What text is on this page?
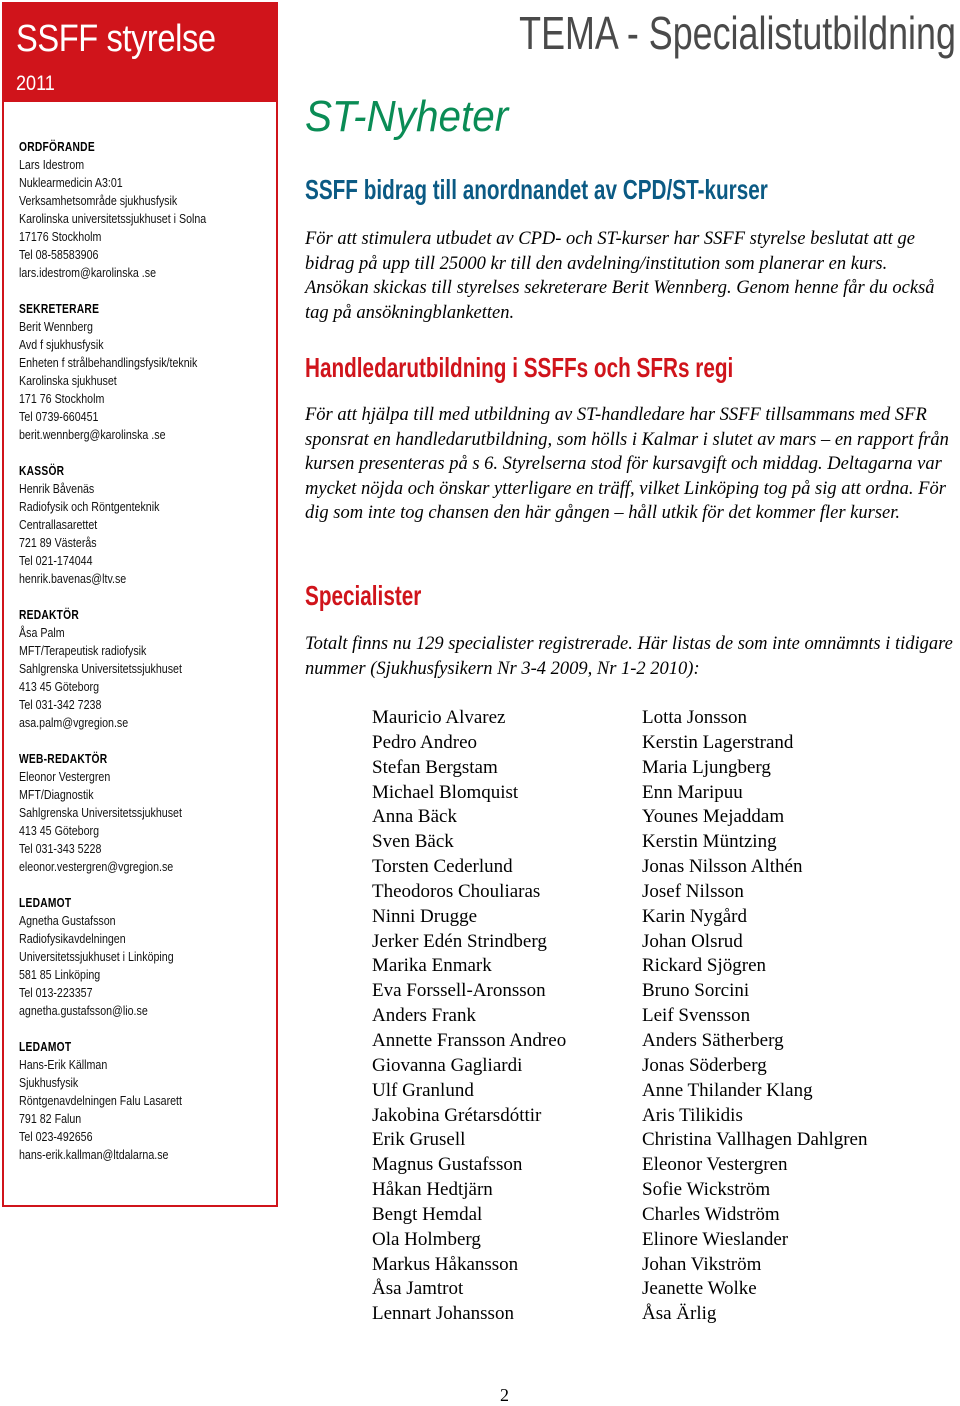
SSFF styrelse
2011
ORDFÖRANDE
Lars Idestrom
Nuklearmedicin A3:01
Verksamhetsområde sjukhusfysik
Karolinska universitetssjukhuset i Solna
17176 Stockholm
Tel 08-58583906
lars.idestrom@karolinska .se
SEKRETERARE
Berit Wennberg
Avd f sjukhusfysik
Enheten f strålbehandlingsfysik/teknik
Karolinska sjukhuset
171 76 Stockholm
Tel 0739-660451
berit.wennberg@karolinska .se
KASSÖR
Henrik Båvenäs
Radiofysik och Röntgenteknik
Centrallasarettet
721 89 Västerås
Tel 021-174044
henrik.bavenas@ltv.se
REDAKTÖR
Åsa Palm
MFT/Terapeutisk radiofysik
Sahlgrenska Universitetssjukhuset
413 45 Göteborg
Tel 031-342 7238
asa.palm@vgregion.se
WEB-REDAKTÖR
Eleonor Vestergren
MFT/Diagnostik
Sahlgrenska Universitetssjukhuset
413 45 Göteborg
Tel 031-343 5228
eleonor.vestergren@vgregion.se
LEDAMOT
Agnetha Gustafsson
Radiofysikavdelningen
Universitetssjukhuset i Linköping
581 85 Linköping
Tel 013-223357
agnetha.gustafsson@lio.se
LEDAMOT
Hans-Erik Källman
Sjukhusfysik
Röntgenavdelningen Falu Lasarett
791 82 Falun
Tel 023-492656
hans-erik.kallman@ltdalarna.se
TEMA - Specialistutbildning
ST-Nyheter
SSFF bidrag till anordnandet av CPD/ST-kurser
För att stimulera utbudet av CPD- och ST-kurser har SSFF styrelse beslutat att ge bidrag på upp till 25000 kr till den avdelning/institution som planerar en kurs. Ansökan skickas till styrelses sekreterare Berit Wennberg. Genom henne får du också tag på ansökningblanketten.
Handledarutbildning i SSFFs och SFRs regi
För att hjälpa till med utbildning av ST-handledare har SSFF tillsammans med SFR sponsrat en handledarutbildning, som hölls i Kalmar i slutet av mars – en rapport från kursen presenteras på s 6. Styrelserna stod för kursavgift och middag. Deltagarna var mycket nöjda och önskar ytterligare en träff, vilket Linköping tog på sig att ordna. För dig som inte tog chansen den här gången – håll utkik för det kommer fler kurser.
Specialister
Totalt finns nu 129 specialister registrerade. Här listas de som inte omnämnts i tidigare nummer (Sjukhusfysikern Nr 3-4 2009, Nr 1-2 2010):
Mauricio Alvarez
Pedro Andreo
Stefan Bergstam
Michael Blomquist
Anna Bäck
Sven Bäck
Torsten Cederlund
Theodoros Chouliaras
Ninni Drugge
Jerker Edén Strindberg
Marika Enmark
Eva Forssell-Aronsson
Anders Frank
Annette Fransson Andreo
Giovanna Gagliardi
Ulf Granlund
Jakobina Grétarsdóttir
Erik Grusell
Magnus Gustafsson
Håkan Hedtjärn
Bengt Hemdal
Ola Holmberg
Markus Håkansson
Åsa Jamtrot
Lennart Johansson
Lotta Jonsson
Kerstin Lagerstrand
Maria Ljungberg
Enn Maripuu
Younes Mejaddam
Kerstin Müntzing
Jonas Nilsson Althén
Josef Nilsson
Karin Nygård
Johan Olsrud
Rickard Sjögren
Bruno Sorcini
Leif Svensson
Anders Sätherberg
Jonas Söderberg
Anne Thilander Klang
Aris Tilikidis
Christina Vallhagen Dahlgren
Eleonor Vestergren
Sofie Wickström
Charles Widström
Elinore Wieslander
Johan Vikström
Jeanette Wolke
Åsa Ärlig
2
